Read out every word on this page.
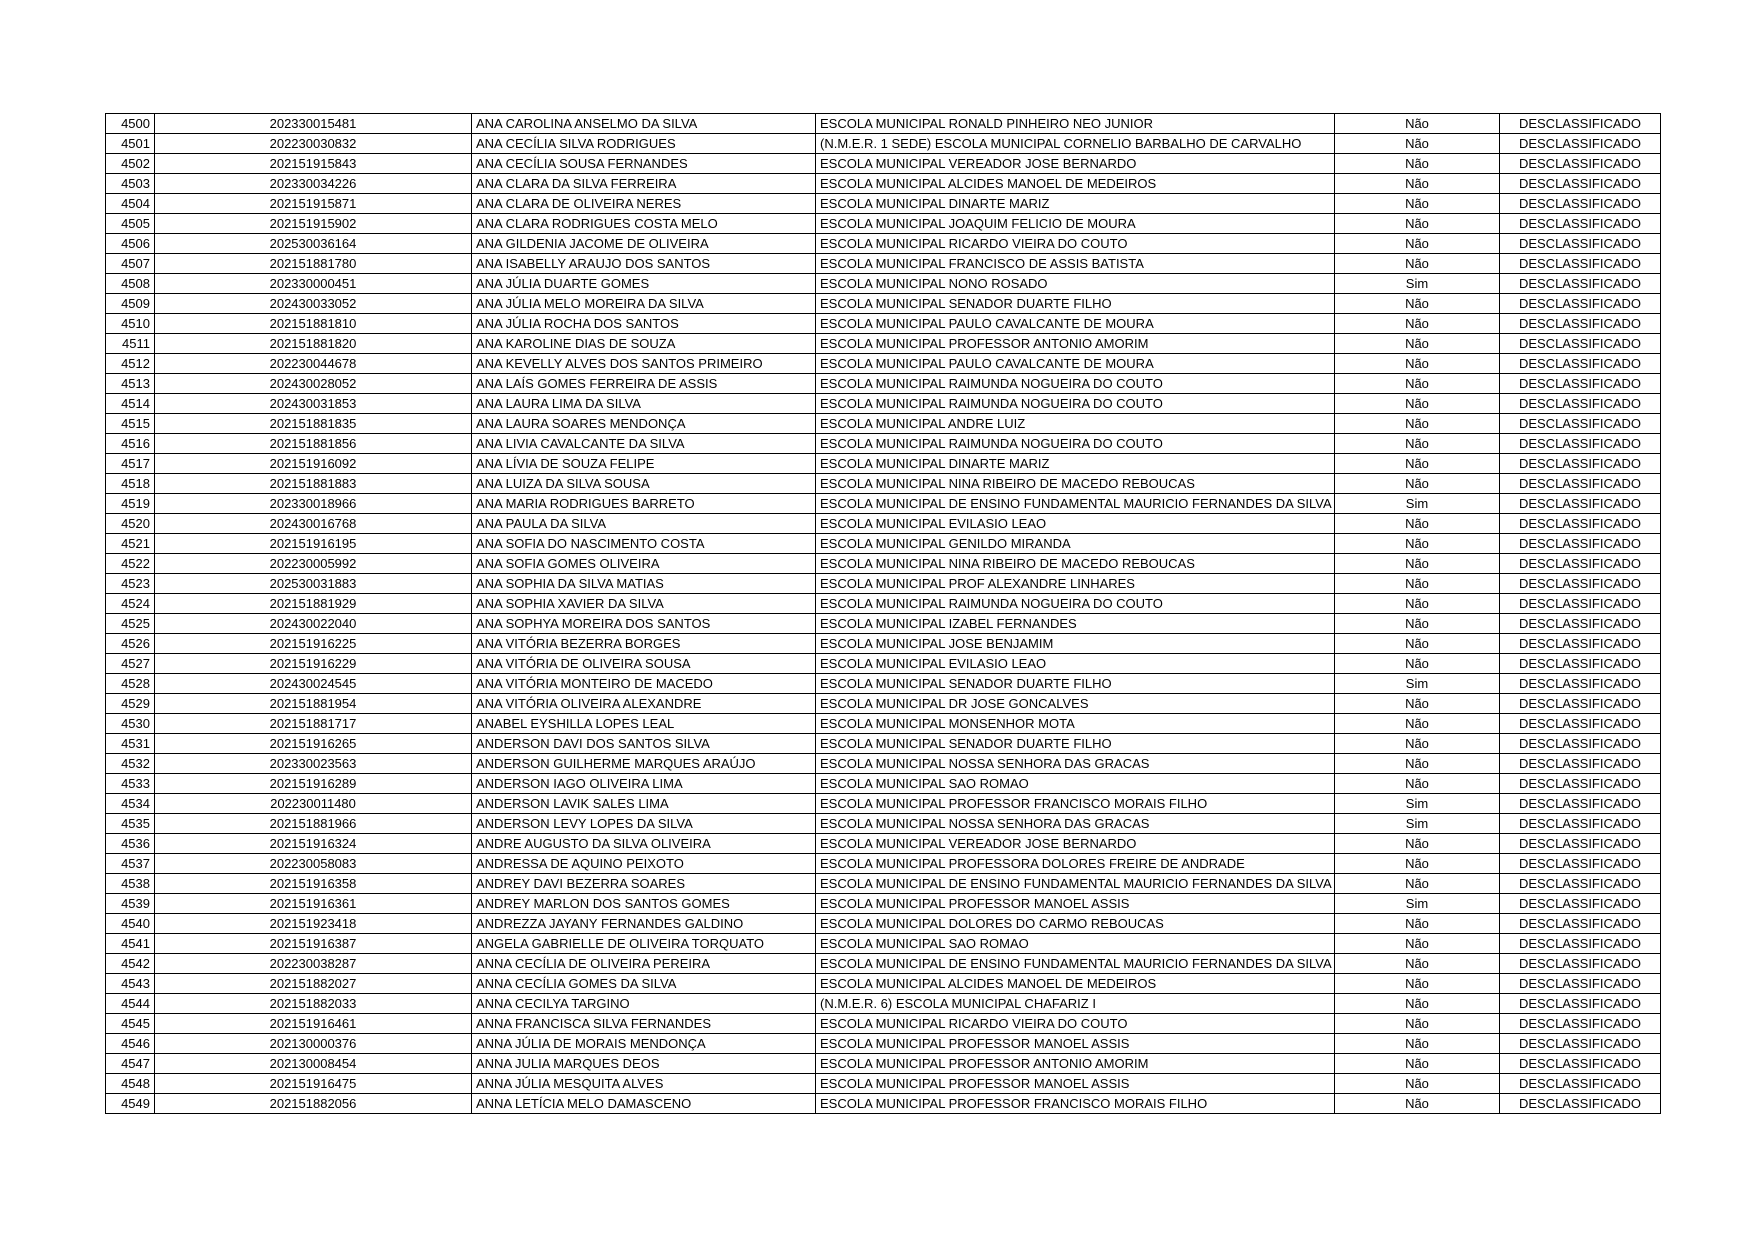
4500	202330015481	ANA CAROLINA ANSELMO DA SILVA	ESCOLA MUNICIPAL RONALD PINHEIRO NEO JUNIOR	Não	DESCLASSIFICADO
4501	202230030832	ANA CECÍLIA SILVA RODRIGUES	(N.M.E.R. 1 SEDE) ESCOLA MUNICIPAL CORNELIO BARBALHO DE CARVALHO	Não	DESCLASSIFICADO
4502	202151915843	ANA CECÍLIA SOUSA FERNANDES	ESCOLA MUNICIPAL VEREADOR JOSE BERNARDO	Não	DESCLASSIFICADO
4503	202330034226	ANA CLARA DA SILVA FERREIRA	ESCOLA MUNICIPAL ALCIDES MANOEL DE MEDEIROS	Não	DESCLASSIFICADO
4504	202151915871	ANA CLARA DE OLIVEIRA NERES	ESCOLA MUNICIPAL DINARTE MARIZ	Não	DESCLASSIFICADO
4505	202151915902	ANA CLARA RODRIGUES COSTA MELO	ESCOLA MUNICIPAL JOAQUIM FELICIO DE MOURA	Não	DESCLASSIFICADO
4506	202530036164	ANA GILDENIA JACOME DE OLIVEIRA	ESCOLA MUNICIPAL RICARDO VIEIRA DO COUTO	Não	DESCLASSIFICADO
4507	202151881780	ANA ISABELLY ARAUJO DOS SANTOS	ESCOLA MUNICIPAL FRANCISCO DE ASSIS BATISTA	Não	DESCLASSIFICADO
4508	202330000451	ANA JÚLIA DUARTE GOMES	ESCOLA MUNICIPAL NONO ROSADO	Sim	DESCLASSIFICADO
4509	202430033052	ANA JÚLIA MELO MOREIRA DA SILVA	ESCOLA MUNICIPAL SENADOR DUARTE FILHO	Não	DESCLASSIFICADO
4510	202151881810	ANA JÚLIA ROCHA DOS SANTOS	ESCOLA MUNICIPAL PAULO CAVALCANTE DE MOURA	Não	DESCLASSIFICADO
4511	202151881820	ANA KAROLINE DIAS DE SOUZA	ESCOLA MUNICIPAL PROFESSOR ANTONIO AMORIM	Não	DESCLASSIFICADO
4512	202230044678	ANA KEVELLY ALVES DOS SANTOS PRIMEIRO	ESCOLA MUNICIPAL PAULO CAVALCANTE DE MOURA	Não	DESCLASSIFICADO
4513	202430028052	ANA LAÍS GOMES FERREIRA DE ASSIS	ESCOLA MUNICIPAL RAIMUNDA NOGUEIRA DO COUTO	Não	DESCLASSIFICADO
4514	202430031853	ANA LAURA LIMA DA SILVA	ESCOLA MUNICIPAL RAIMUNDA NOGUEIRA DO COUTO	Não	DESCLASSIFICADO
4515	202151881835	ANA LAURA SOARES MENDONÇA	ESCOLA MUNICIPAL ANDRE LUIZ	Não	DESCLASSIFICADO
4516	202151881856	ANA LIVIA CAVALCANTE DA SILVA	ESCOLA MUNICIPAL RAIMUNDA NOGUEIRA DO COUTO	Não	DESCLASSIFICADO
4517	202151916092	ANA LÍVIA DE SOUZA FELIPE	ESCOLA MUNICIPAL DINARTE MARIZ	Não	DESCLASSIFICADO
4518	202151881883	ANA LUIZA DA SILVA SOUSA	ESCOLA MUNICIPAL NINA RIBEIRO DE MACEDO REBOUCAS	Não	DESCLASSIFICADO
4519	202330018966	ANA MARIA RODRIGUES BARRETO	ESCOLA MUNICIPAL DE ENSINO FUNDAMENTAL MAURICIO FERNANDES DA SILVA	Sim	DESCLASSIFICADO
4520	202430016768	ANA PAULA DA SILVA	ESCOLA MUNICIPAL EVILASIO LEAO	Não	DESCLASSIFICADO
4521	202151916195	ANA SOFIA DO NASCIMENTO COSTA	ESCOLA MUNICIPAL GENILDO MIRANDA	Não	DESCLASSIFICADO
4522	202230005992	ANA SOFIA GOMES OLIVEIRA	ESCOLA MUNICIPAL NINA RIBEIRO DE MACEDO REBOUCAS	Não	DESCLASSIFICADO
4523	202530031883	ANA SOPHIA DA SILVA MATIAS	ESCOLA MUNICIPAL PROF ALEXANDRE LINHARES	Não	DESCLASSIFICADO
4524	202151881929	ANA SOPHIA XAVIER DA SILVA	ESCOLA MUNICIPAL RAIMUNDA NOGUEIRA DO COUTO	Não	DESCLASSIFICADO
4525	202430022040	ANA SOPHYA MOREIRA DOS SANTOS	ESCOLA MUNICIPAL IZABEL FERNANDES	Não	DESCLASSIFICADO
4526	202151916225	ANA VITÓRIA BEZERRA BORGES	ESCOLA MUNICIPAL JOSE BENJAMIM	Não	DESCLASSIFICADO
4527	202151916229	ANA VITÓRIA DE OLIVEIRA SOUSA	ESCOLA MUNICIPAL EVILASIO LEAO	Não	DESCLASSIFICADO
4528	202430024545	ANA VITÓRIA MONTEIRO DE MACEDO	ESCOLA MUNICIPAL SENADOR DUARTE FILHO	Sim	DESCLASSIFICADO
4529	202151881954	ANA VITÓRIA OLIVEIRA ALEXANDRE	ESCOLA MUNICIPAL DR JOSE GONCALVES	Não	DESCLASSIFICADO
4530	202151881717	ANABEL EYSHILLA LOPES LEAL	ESCOLA MUNICIPAL MONSENHOR MOTA	Não	DESCLASSIFICADO
4531	202151916265	ANDERSON DAVI DOS SANTOS SILVA	ESCOLA MUNICIPAL SENADOR DUARTE FILHO	Não	DESCLASSIFICADO
4532	202330023563	ANDERSON GUILHERME MARQUES ARAÚJO	ESCOLA MUNICIPAL NOSSA SENHORA DAS GRACAS	Não	DESCLASSIFICADO
4533	202151916289	ANDERSON IAGO OLIVEIRA LIMA	ESCOLA MUNICIPAL SAO ROMAO	Não	DESCLASSIFICADO
4534	202230011480	ANDERSON LAVIK SALES LIMA	ESCOLA MUNICIPAL PROFESSOR FRANCISCO MORAIS FILHO	Sim	DESCLASSIFICADO
4535	202151881966	ANDERSON LEVY LOPES DA SILVA	ESCOLA MUNICIPAL NOSSA SENHORA DAS GRACAS	Sim	DESCLASSIFICADO
4536	202151916324	ANDRE AUGUSTO DA SILVA OLIVEIRA	ESCOLA MUNICIPAL VEREADOR JOSE BERNARDO	Não	DESCLASSIFICADO
4537	202230058083	ANDRESSA DE AQUINO PEIXOTO	ESCOLA MUNICIPAL PROFESSORA DOLORES FREIRE DE ANDRADE	Não	DESCLASSIFICADO
4538	202151916358	ANDREY DAVI BEZERRA SOARES	ESCOLA MUNICIPAL DE ENSINO FUNDAMENTAL MAURICIO FERNANDES DA SILVA	Não	DESCLASSIFICADO
4539	202151916361	ANDREY MARLON DOS SANTOS GOMES	ESCOLA MUNICIPAL PROFESSOR MANOEL ASSIS	Sim	DESCLASSIFICADO
4540	202151923418	ANDREZZA JAYANY FERNANDES GALDINO	ESCOLA MUNICIPAL DOLORES DO CARMO REBOUCAS	Não	DESCLASSIFICADO
4541	202151916387	ANGELA GABRIELLE DE OLIVEIRA TORQUATO	ESCOLA MUNICIPAL SAO ROMAO	Não	DESCLASSIFICADO
4542	202230038287	ANNA CECÍLIA DE OLIVEIRA PEREIRA	ESCOLA MUNICIPAL DE ENSINO FUNDAMENTAL MAURICIO FERNANDES DA SILVA	Não	DESCLASSIFICADO
4543	202151882027	ANNA CECÍLIA GOMES DA SILVA	ESCOLA MUNICIPAL ALCIDES MANOEL DE MEDEIROS	Não	DESCLASSIFICADO
4544	202151882033	ANNA CECILYA TARGINO	(N.M.E.R. 6) ESCOLA MUNICIPAL CHAFARIZ I	Não	DESCLASSIFICADO
4545	202151916461	ANNA FRANCISCA SILVA FERNANDES	ESCOLA MUNICIPAL RICARDO VIEIRA DO COUTO	Não	DESCLASSIFICADO
4546	202130000376	ANNA JÚLIA DE MORAIS MENDONÇA	ESCOLA MUNICIPAL PROFESSOR MANOEL ASSIS	Não	DESCLASSIFICADO
4547	202130008454	ANNA JULIA MARQUES DEOS	ESCOLA MUNICIPAL PROFESSOR ANTONIO AMORIM	Não	DESCLASSIFICADO
4548	202151916475	ANNA JÚLIA MESQUITA ALVES	ESCOLA MUNICIPAL PROFESSOR MANOEL ASSIS	Não	DESCLASSIFICADO
4549	202151882056	ANNA LETÍCIA MELO DAMASCENO	ESCOLA MUNICIPAL PROFESSOR FRANCISCO MORAIS FILHO	Não	DESCLASSIFICADO
